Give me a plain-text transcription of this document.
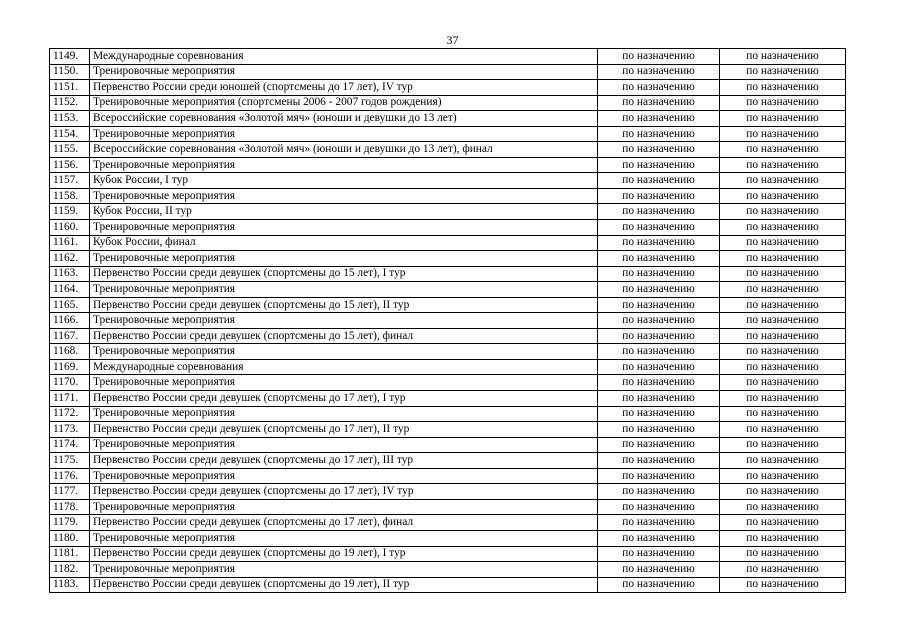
37
1149.	Международные соревнования	по назначению	по назначению
1150.	Тренировочные мероприятия	по назначению	по назначению
1151.	Первенство России среди юношей (спортсмены до 17 лет), IV тур	по назначению	по назначению
1152.	Тренировочные мероприятия (спортсмены 2006 - 2007 годов рождения)	по назначению	по назначению
1153.	Всероссийские соревнования «Золотой мяч» (юноши и девушки до 13 лет)	по назначению	по назначению
1154.	Тренировочные мероприятия	по назначению	по назначению
1155.	Всероссийские соревнования «Золотой мяч» (юноши и девушки до 13 лет), финал	по назначению	по назначению
1156.	Тренировочные мероприятия	по назначению	по назначению
1157.	Кубок России, I тур	по назначению	по назначению
1158.	Тренировочные мероприятия	по назначению	по назначению
1159.	Кубок России, II тур	по назначению	по назначению
1160.	Тренировочные мероприятия	по назначению	по назначению
1161.	Кубок России, финал	по назначению	по назначению
1162.	Тренировочные мероприятия	по назначению	по назначению
1163.	Первенство России среди девушек (спортсмены до 15 лет), I тур	по назначению	по назначению
1164.	Тренировочные мероприятия	по назначению	по назначению
1165.	Первенство России среди девушек (спортсмены до 15 лет), II тур	по назначению	по назначению
1166.	Тренировочные мероприятия	по назначению	по назначению
1167.	Первенство России среди девушек (спортсмены до 15 лет), финал	по назначению	по назначению
1168.	Тренировочные мероприятия	по назначению	по назначению
1169.	Международные соревнования	по назначению	по назначению
1170.	Тренировочные мероприятия	по назначению	по назначению
1171.	Первенство России среди девушек (спортсмены до 17 лет), I тур	по назначению	по назначению
1172.	Тренировочные мероприятия	по назначению	по назначению
1173.	Первенство России среди девушек (спортсмены до 17 лет), II тур	по назначению	по назначению
1174.	Тренировочные мероприятия	по назначению	по назначению
1175.	Первенство России среди девушек (спортсмены до 17 лет), III тур	по назначению	по назначению
1176.	Тренировочные мероприятия	по назначению	по назначению
1177.	Первенство России среди девушек (спортсмены до 17 лет), IV тур	по назначению	по назначению
1178.	Тренировочные мероприятия	по назначению	по назначению
1179.	Первенство России среди девушек (спортсмены до 17 лет), финал	по назначению	по назначению
1180.	Тренировочные мероприятия	по назначению	по назначению
1181.	Первенство России среди девушек (спортсмены до 19 лет), I тур	по назначению	по назначению
1182.	Тренировочные мероприятия	по назначению	по назначению
1183.	Первенство России среди девушек (спортсмены до 19 лет), II тур	по назначению	по назначению
